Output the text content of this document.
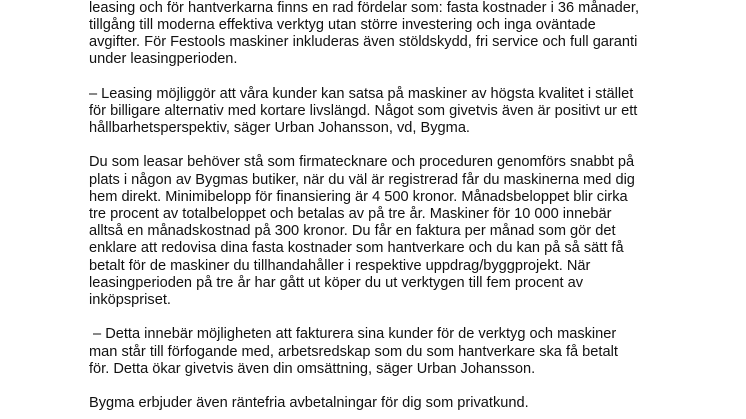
leasing och för hantverkarna finns en rad fördelar som: fasta kostnader i 36 månader,
tillgång till moderna effektiva verktyg utan större investering och inga oväntade
avgifter. För Festools maskiner inkluderas även stöldskydd, fri service och full garanti
under leasingperioden.

– Leasing möjliggör att våra kunder kan satsa på maskiner av högsta kvalitet i stället
för billigare alternativ med kortare livslängd. Något som givetvis även är positivt ur ett
hållbarhetsperspektiv, säger Urban Johansson, vd, Bygma.

Du som leasar behöver stå som firmatecknare och proceduren genomförs snabbt på
plats i någon av Bygmas butiker, när du väl är registrerad får du maskinerna med dig
hem direkt. Minimibelopp för finansiering är 4 500 kronor. Månadsbeloppet blir cirka
tre procent av totalbeloppet och betalas av på tre år. Maskiner för 10 000 innebär
alltså en månadskostnad på 300 kronor. Du får en faktura per månad som gör det
enklare att redovisa dina fasta kostnader som hantverkare och du kan på så sätt få
betalt för de maskiner du tillhandahåller i respektive uppdrag/byggprojekt. När
leasingperioden på tre år har gått ut köper du ut verktygen till fem procent av
inköpspriset.

– Detta innebär möjligheten att fakturera sina kunder för de verktyg och maskiner
man står till förfogande med, arbetsredskap som du som hantverkare ska få betalt
för. Detta ökar givetvis även din omsättning, säger Urban Johansson.

Bygma erbjuder även räntefria avbetalningar för dig som privatkund.
